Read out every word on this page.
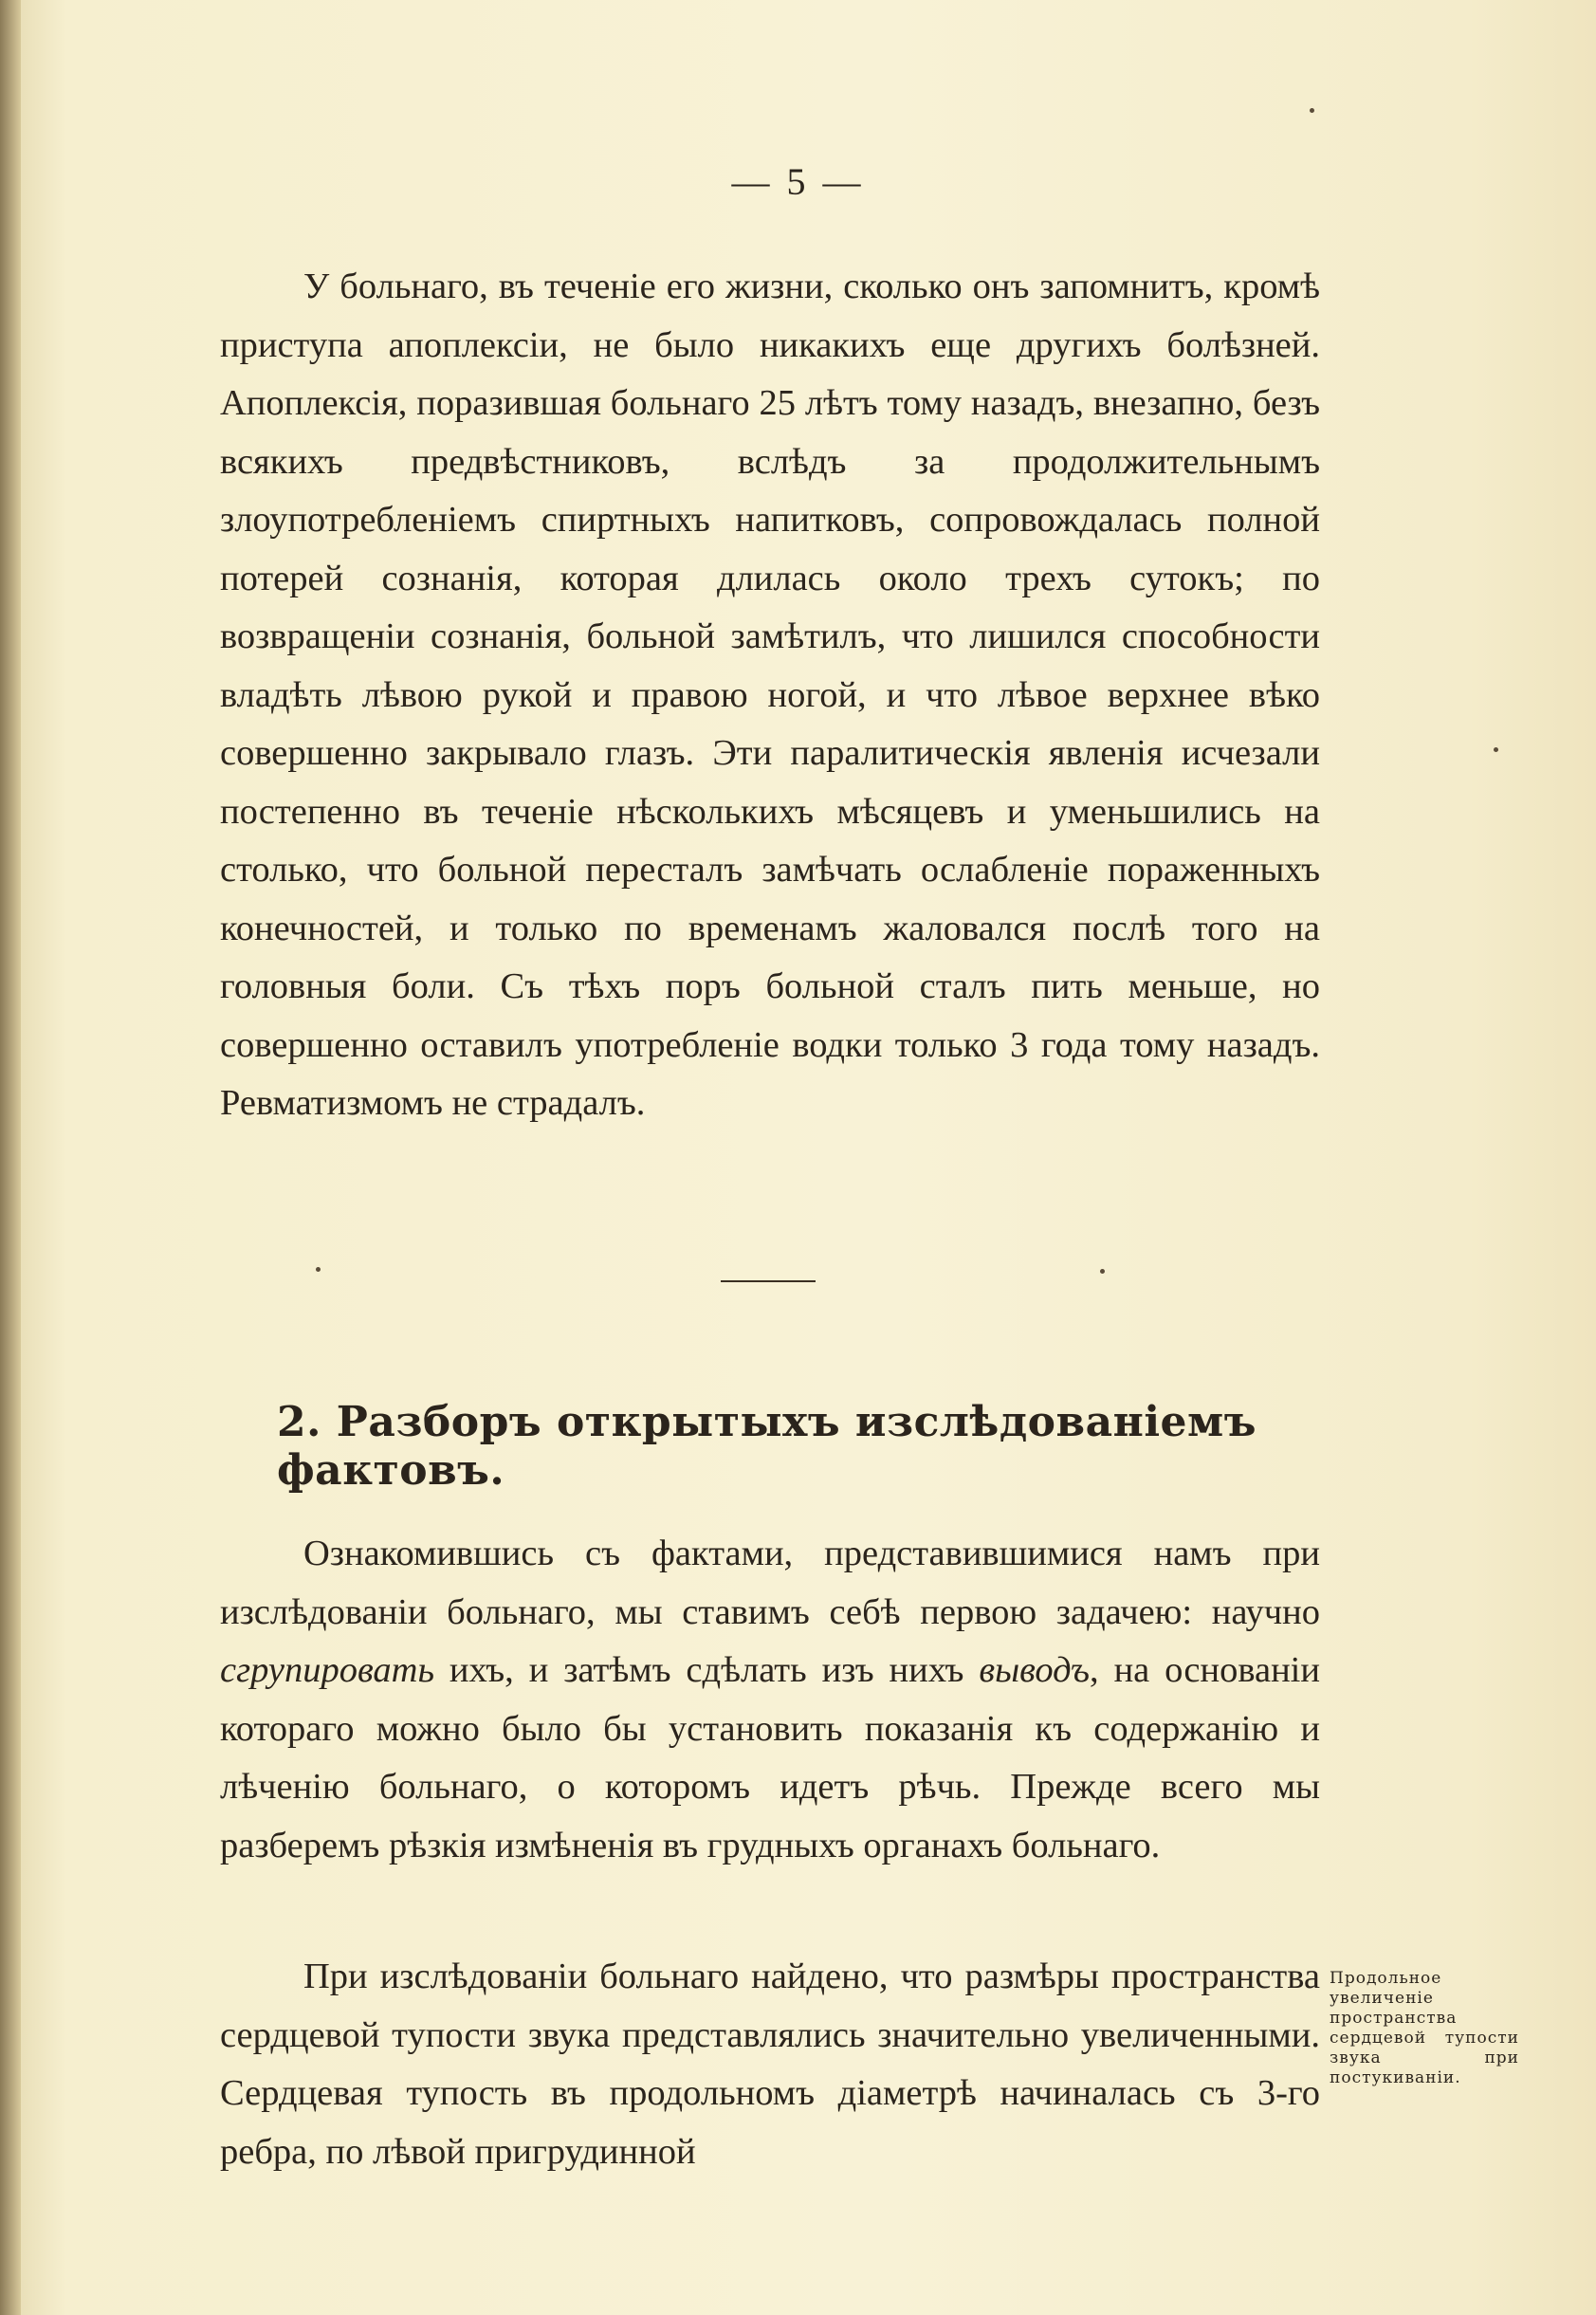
— 5 —

У больнаго, въ теченіе его жизни, сколько онъ запомнитъ, кромѣ приступа апоплексіи, не было никакихъ еще другихъ болѣзней. Апоплексія, поразившая больнаго 25 лѣтъ тому назадъ, внезапно, безъ всякихъ предвѣстниковъ, вслѣдъ за продолжительнымъ злоупотребленіемъ спиртныхъ напитковъ, сопровождалась полной потерей сознанія, которая длилась около трехъ сутокъ; по возвращеніи сознанія, больной замѣтилъ, что лишился способности владѣть лѣвою рукой и правою ногой, и что лѣвое верхнее вѣко совершенно закрывало глазъ. Эти паралитическія явленія исчезали постепенно въ теченіе нѣсколькихъ мѣсяцевъ и уменьшились на столько, что больной пересталъ замѣчать ослабленіе пораженныхъ конечностей, и только по временамъ жаловался послѣ того на головныя боли. Съ тѣхъ поръ больной сталъ пить меньше, но совершенно оставилъ употребленіе водки только 3 года тому назадъ. Ревматизмомъ не страдалъ.

2. Разборъ открытыхъ изслѣдованіемъ фактовъ.

Ознакомившись съ фактами, представившимися намъ при изслѣдованіи больнаго, мы ставимъ себѣ первою задачею: научно сгрупировать ихъ, и затѣмъ сдѣлать изъ нихъ выводъ, на основаніи котораго можно было бы установить показанія къ содержанію и лѣченію больнаго, о которомъ идетъ рѣчь. Прежде всего мы разберемъ рѣзкія измѣненія въ грудныхъ органахъ больнаго.

При изслѣдованіи больнаго найдено, что размѣры пространства сердцевой тупости звука представлялись значительно увеличенными. Сердцевая тупость въ продольномъ діаметрѣ начиналась съ 3-го ребра, по лѣвой пригрудинной

Продольное увеличеніе пространства сердцевой тупости звука при постукиваніи.
